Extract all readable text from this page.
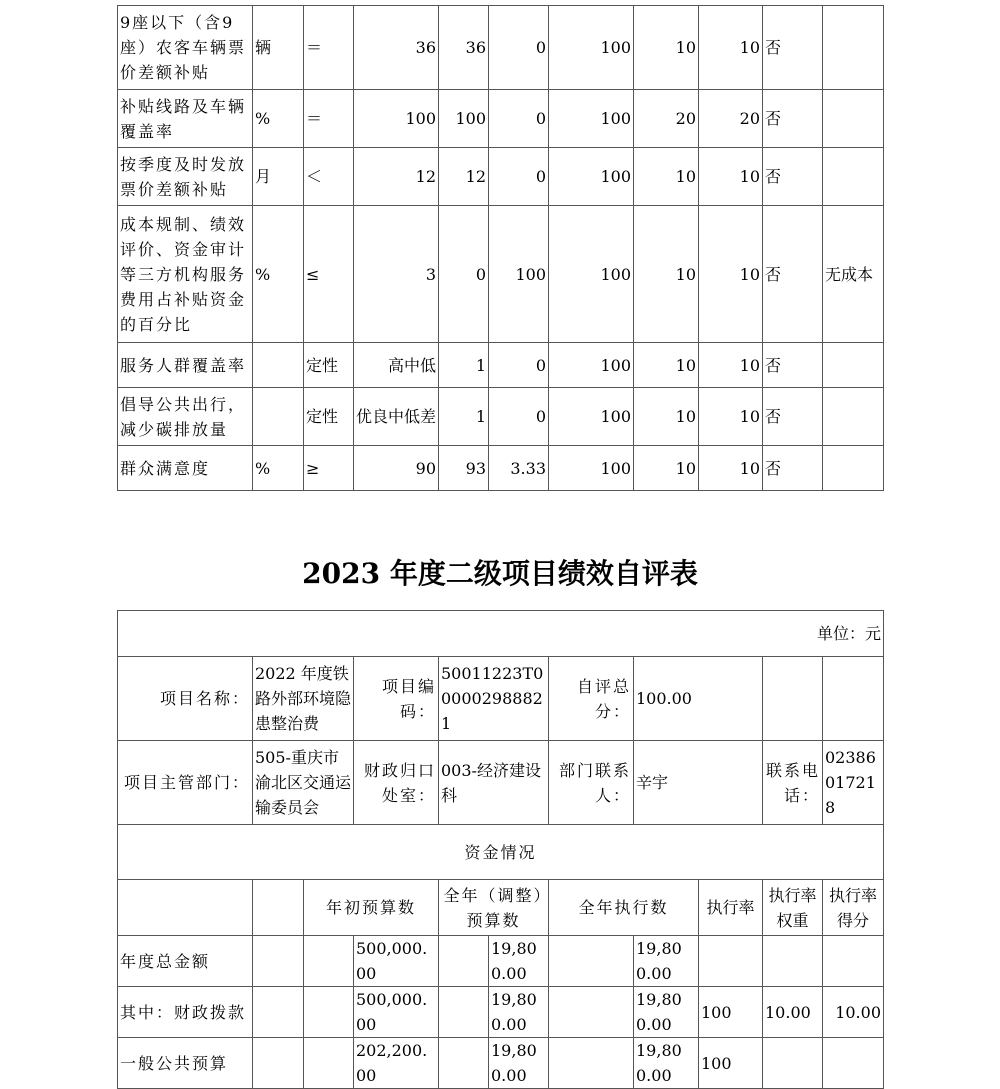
9座以下（含9座）农客车辆票价差额补贴	辆	＝	36	36	0	100	10	10	否	
补贴线路及车辆覆盖率	%	＝	100	100	0	100	20	20	否	
按季度及时发放票价差额补贴	月	＜	12	12	0	100	10	10	否	
成本规制、绩效评价、资金审计等三方机构服务费用占补贴资金的百分比	%	≤	3	0	100	100	10	10	否	无成本
服务人群覆盖率		定性	高中低	1	0	100	10	10	否	
倡导公共出行，减少碳排放量		定性	优良中低差	1	0	100	10	10	否	
群众满意度	%	≥	90	93	3.33	100	10	10	否	
2023 年度二级项目绩效自评表
单位：元										
项目名称：	2022 年度铁路外部环境隐患整治费		项目编码：	50011223T000002988821		自评总分：	100.00			
项目主管部门：	505-重庆市渝北区交通运输委员会		财政归口处室：	003-经济建设科		部门联系人：	辛宇		联系电话：	02386017218
资金情况										
		年初预算数		全年（调整）预算数		全年执行数		执行率	执行率权重	执行率得分
年度总金额			500,000.00		19,800.00		19,800.00			
其中：财政拨款			500,000.00		19,800.00		19,800.00	100	10.00	10.00
一般公共预算			202,200.00		19,800.00		19,800.00	100		
